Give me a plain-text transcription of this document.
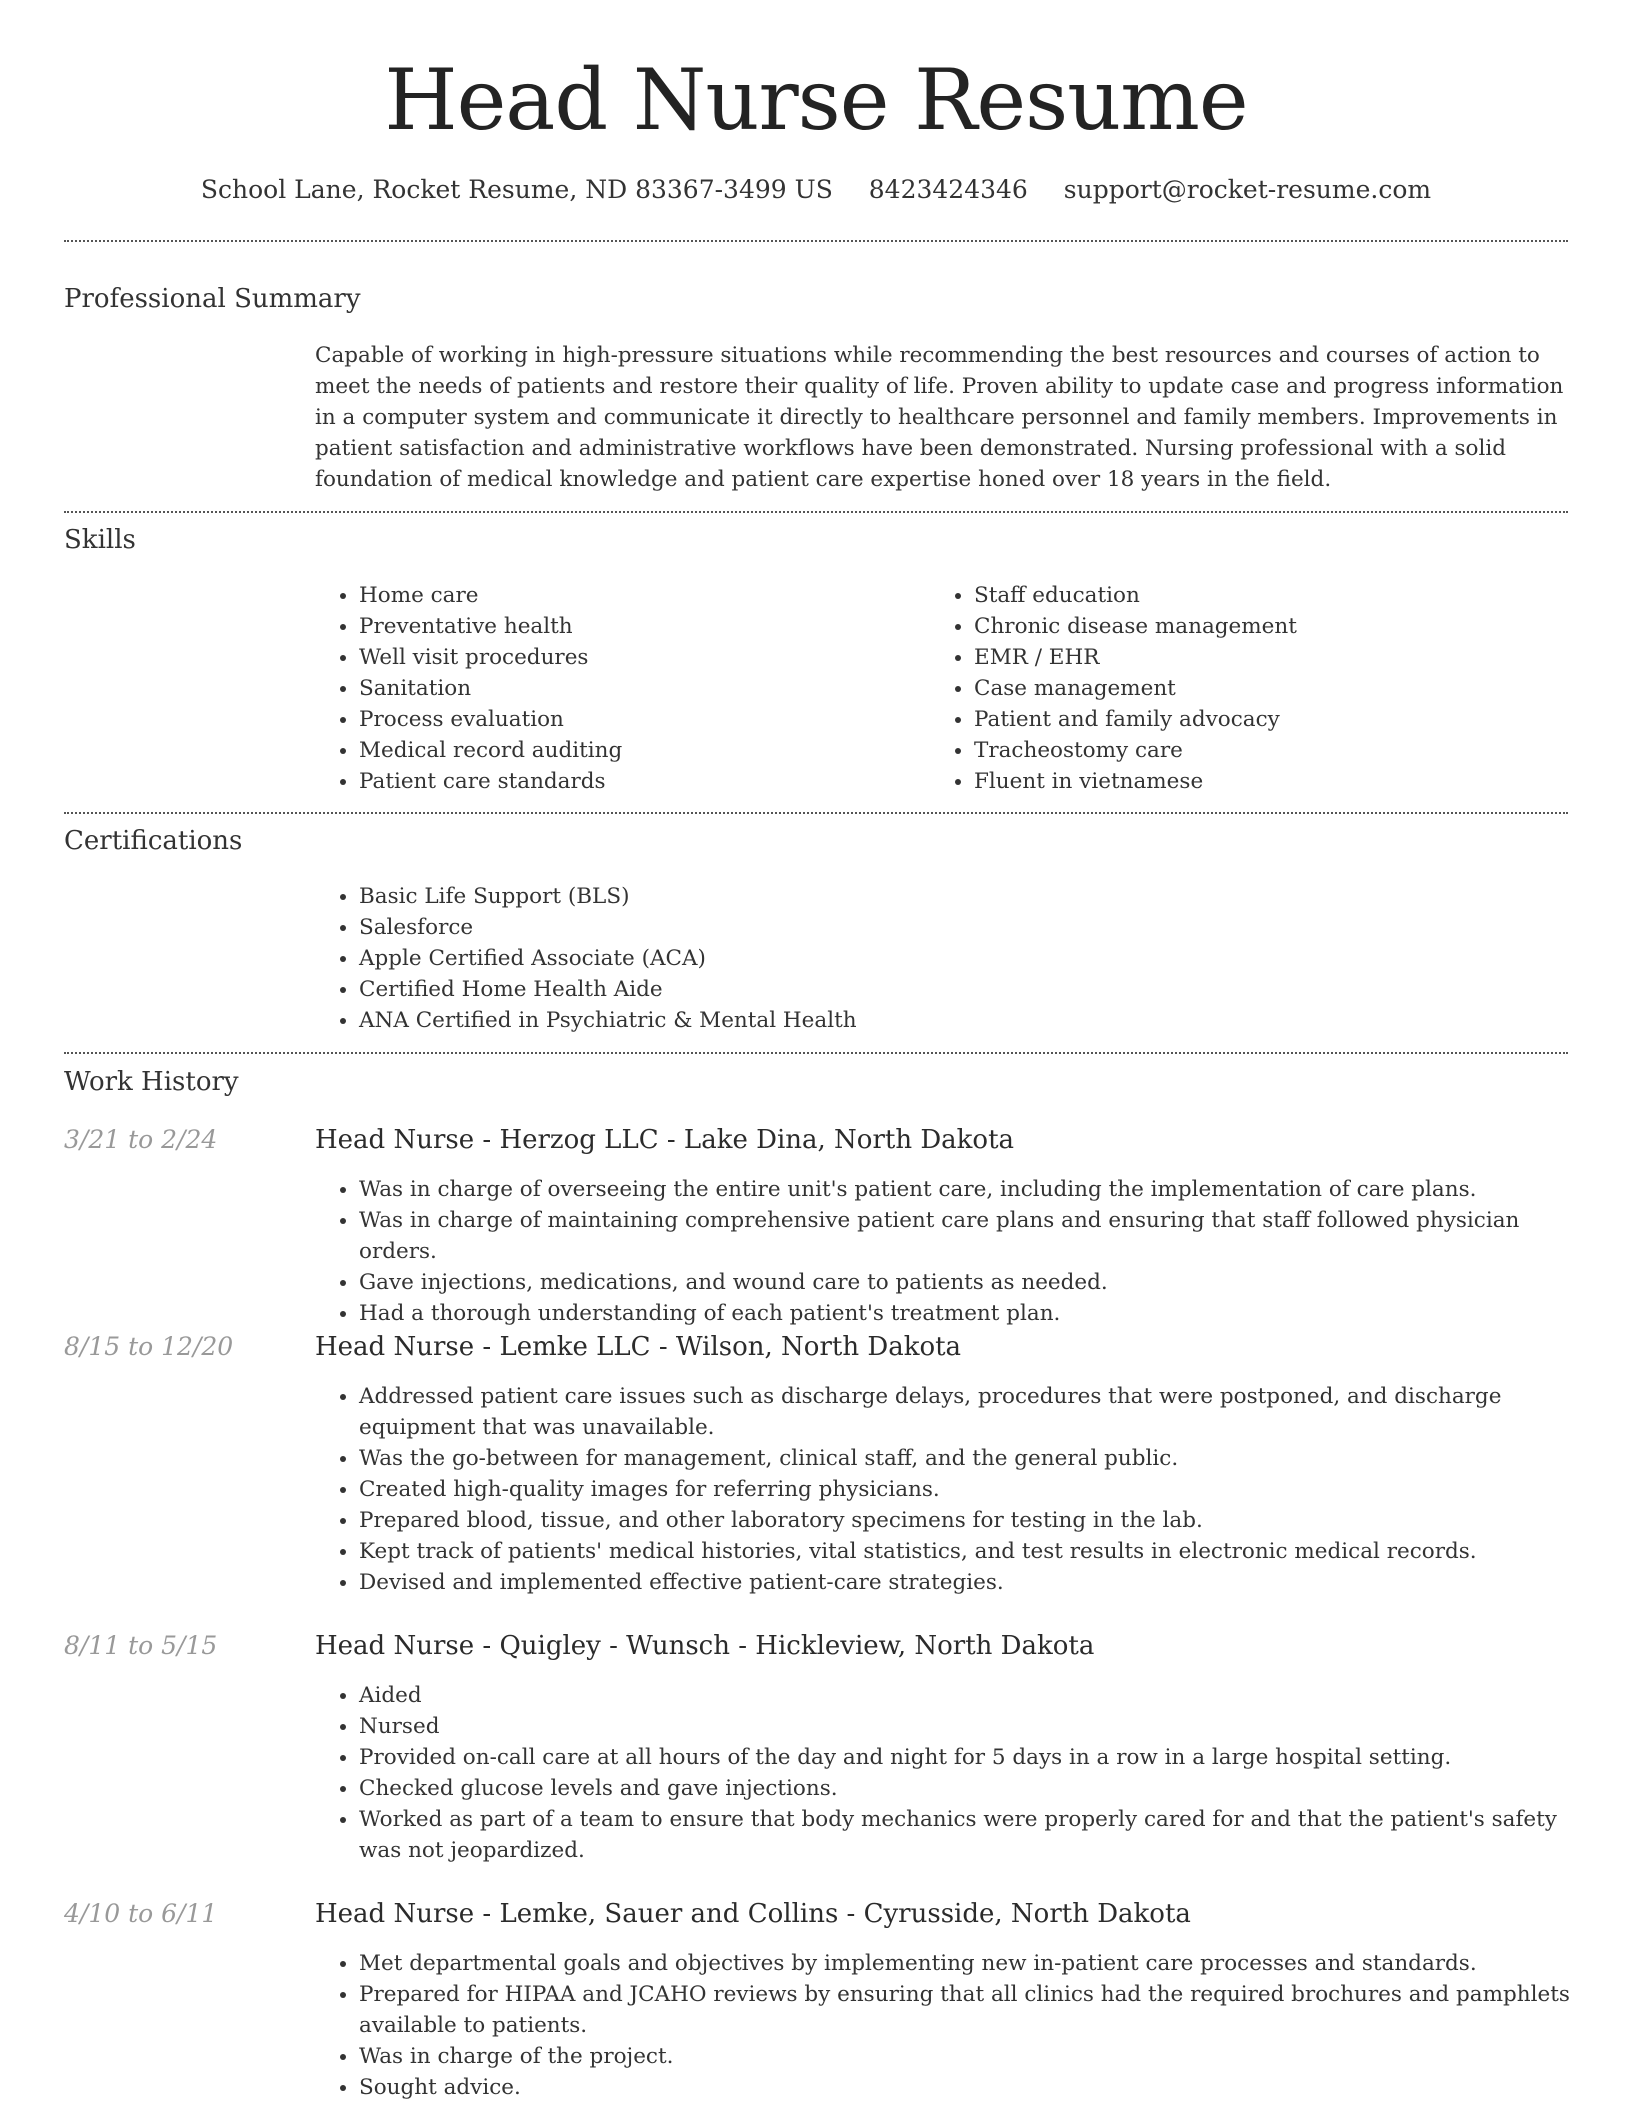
Head Nurse Resume
School Lane, Rocket Resume, ND 83367-3499 US 8423424346 support@rocket-resume.com
Professional Summary
Capable of working in high-pressure situations while recommending the best resources and courses of action to meet the needs of patients and restore their quality of life. Proven ability to update case and progress information in a computer system and communicate it directly to healthcare personnel and family members. Improvements in patient satisfaction and administrative workflows have been demonstrated. Nursing professional with a solid foundation of medical knowledge and patient care expertise honed over 18 years in the field.
Skills
• Home care
• Preventative health
• Well visit procedures
• Sanitation
• Process evaluation
• Medical record auditing
• Patient care standards
• Staff education
• Chronic disease management
• EMR / EHR
• Case management
• Patient and family advocacy
• Tracheostomy care
• Fluent in vietnamese
Certifications
• Basic Life Support (BLS)
• Salesforce
• Apple Certified Associate (ACA)
• Certified Home Health Aide
• ANA Certified in Psychiatric & Mental Health
Work History
3/21 to 2/24	Head Nurse - Herzog LLC - Lake Dina, North Dakota
• Was in charge of overseeing the entire unit's patient care, including the implementation of care plans.
• Was in charge of maintaining comprehensive patient care plans and ensuring that staff followed physician orders.
• Gave injections, medications, and wound care to patients as needed.
• Had a thorough understanding of each patient's treatment plan.
8/15 to 12/20	Head Nurse - Lemke LLC - Wilson, North Dakota
• Addressed patient care issues such as discharge delays, procedures that were postponed, and discharge equipment that was unavailable.
• Was the go-between for management, clinical staff, and the general public.
• Created high-quality images for referring physicians.
• Prepared blood, tissue, and other laboratory specimens for testing in the lab.
• Kept track of patients' medical histories, vital statistics, and test results in electronic medical records.
• Devised and implemented effective patient-care strategies.
8/11 to 5/15	Head Nurse - Quigley - Wunsch - Hickleview, North Dakota
• Aided
• Nursed
• Provided on-call care at all hours of the day and night for 5 days in a row in a large hospital setting.
• Checked glucose levels and gave injections.
• Worked as part of a team to ensure that body mechanics were properly cared for and that the patient's safety was not jeopardized.
4/10 to 6/11	Head Nurse - Lemke, Sauer and Collins - Cyrusside, North Dakota
• Met departmental goals and objectives by implementing new in-patient care processes and standards.
• Prepared for HIPAA and JCAHO reviews by ensuring that all clinics had the required brochures and pamphlets available to patients.
• Was in charge of the project.
• Sought advice.
